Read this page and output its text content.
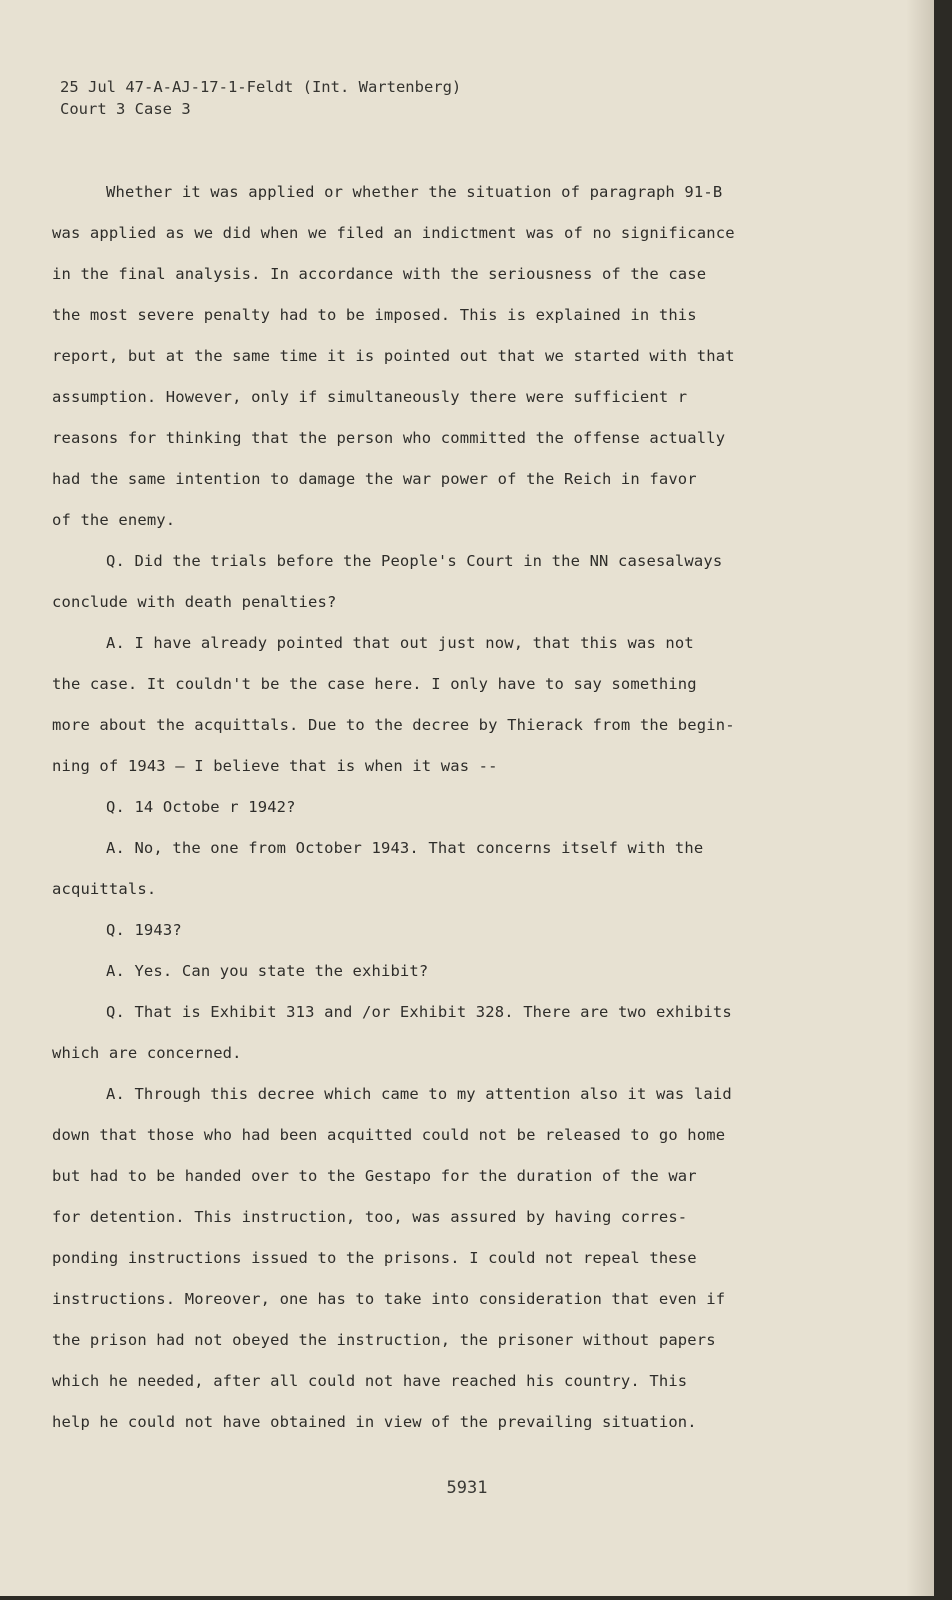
25 Jul 47-A-AJ-17-1-Feldt (Int. Wartenberg)
Court 3 Case 3
Whether it was applied or whether the situation of paragraph 91-B
was applied as we did when we filed an indictment was of no significance
in the final analysis. In accordance with the seriousness of the case
the most severe penalty had to be imposed. This is explained in this
report, but at the same time it is pointed out that we started with that
assumption. However, only if simultaneously there were sufficient r
reasons for thinking that the person who committed the offense actually
had the same intention to damage the war power of the Reich in favor
of the enemy.
Q. Did the trials before the People's Court in the NN casesalways
conclude with death penalties?
A. I have already pointed that out just now, that this was not
the case. It couldn't be the case here. I only have to say something
more about the acquittals. Due to the decree by Thierack from the begin-
ning of 1943 — I believe that is when it was --
Q. 14 Octobe r 1942?
A. No, the one from October 1943. That concerns itself with the
acquittals.
Q. 1943?
A. Yes. Can you state the exhibit?
Q. That is Exhibit 313 and /or Exhibit 328. There are two exhibits
which are concerned.
A. Through this decree which came to my attention also it was laid
down that those who had been acquitted could not be released to go home
but had to be handed over to the Gestapo for the duration of the war
for detention. This instruction, too, was assured by having corres-
ponding instructions issued to the prisons. I could not repeal these
instructions. Moreover, one has to take into consideration that even if
the prison had not obeyed the instruction, the prisoner without papers
which he needed, after all could not have reached his country. This
help he could not have obtained in view of the prevailing situation.
5931
